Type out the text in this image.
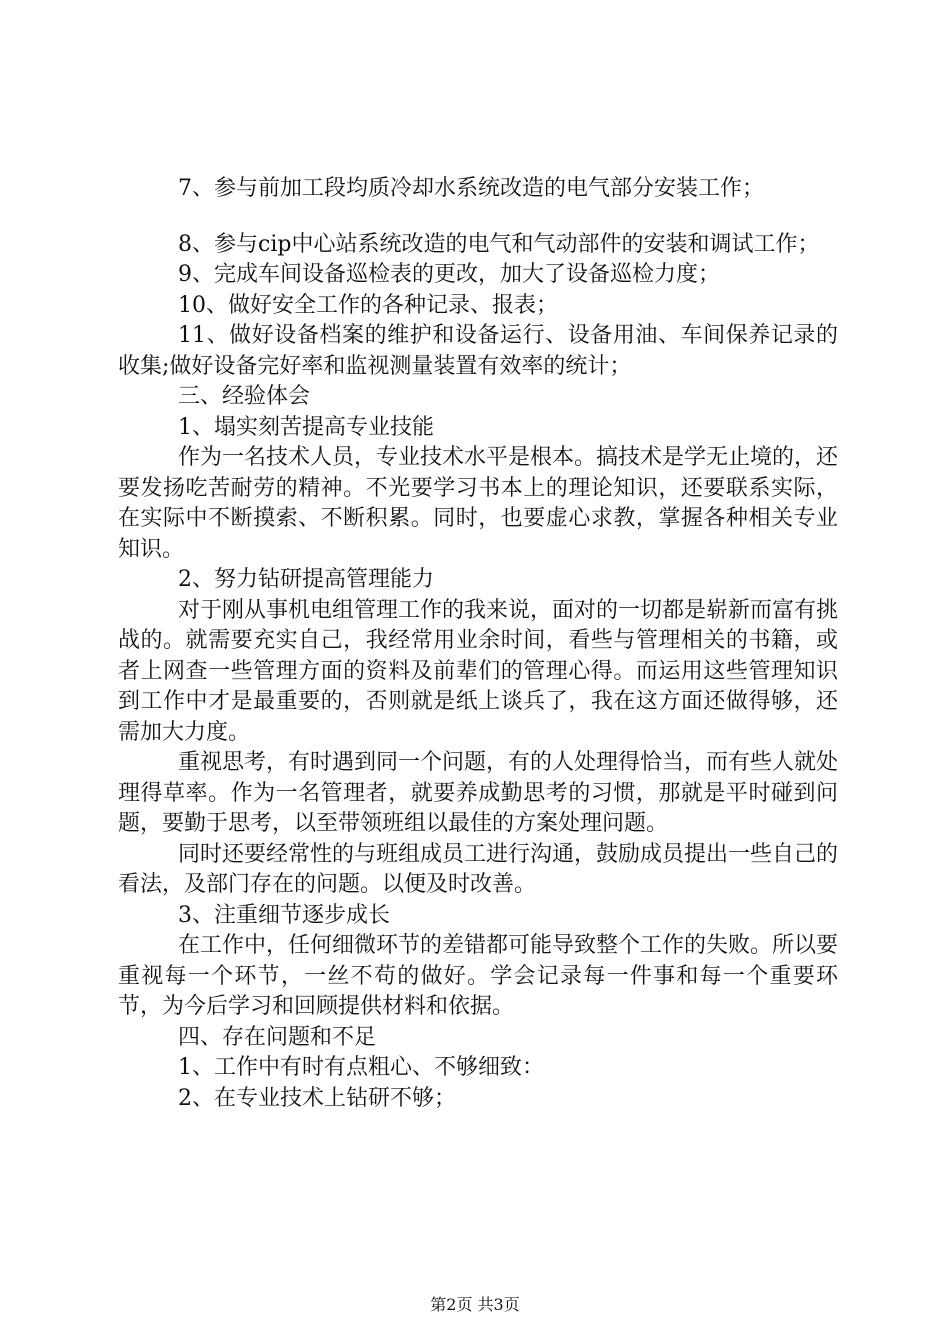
7、参与前加工段均质冷却水系统改造的电气部分安装工作；

8、参与cip中心站系统改造的电气和气动部件的安装和调试工作；

9、完成车间设备巡检表的更改，加大了设备巡检力度；

10、做好安全工作的各种记录、报表；

11、做好设备档案的维护和设备运行、设备用油、车间保养记录的收集;做好设备完好率和监视测量装置有效率的统计；

三、经验体会

1、塌实刻苦提高专业技能

作为一名技术人员，专业技术水平是根本。搞技术是学无止境的，还要发扬吃苦耐劳的精神。不光要学习书本上的理论知识，还要联系实际，在实际中不断摸索、不断积累。同时，也要虚心求教，掌握各种相关专业知识。

2、努力钻研提高管理能力

对于刚从事机电组管理工作的我来说，面对的一切都是崭新而富有挑战的。就需要充实自己，我经常用业余时间，看些与管理相关的书籍，或者上网查一些管理方面的资料及前辈们的管理心得。而运用这些管理知识到工作中才是最重要的，否则就是纸上谈兵了，我在这方面还做得够，还需加大力度。

重视思考，有时遇到同一个问题，有的人处理得恰当，而有些人就处理得草率。作为一名管理者，就要养成勤思考的习惯，那就是平时碰到问题，要勤于思考，以至带领班组以最佳的方案处理问题。

同时还要经常性的与班组成员工进行沟通，鼓励成员提出一些自己的看法，及部门存在的问题。以便及时改善。

3、注重细节逐步成长

在工作中，任何细微环节的差错都可能导致整个工作的失败。所以要重视每一个环节，一丝不苟的做好。学会记录每一件事和每一个重要环节，为今后学习和回顾提供材料和依据。

四、存在问题和不足

1、工作中有时有点粗心、不够细致：

2、在专业技术上钻研不够；

第2页 共3页
